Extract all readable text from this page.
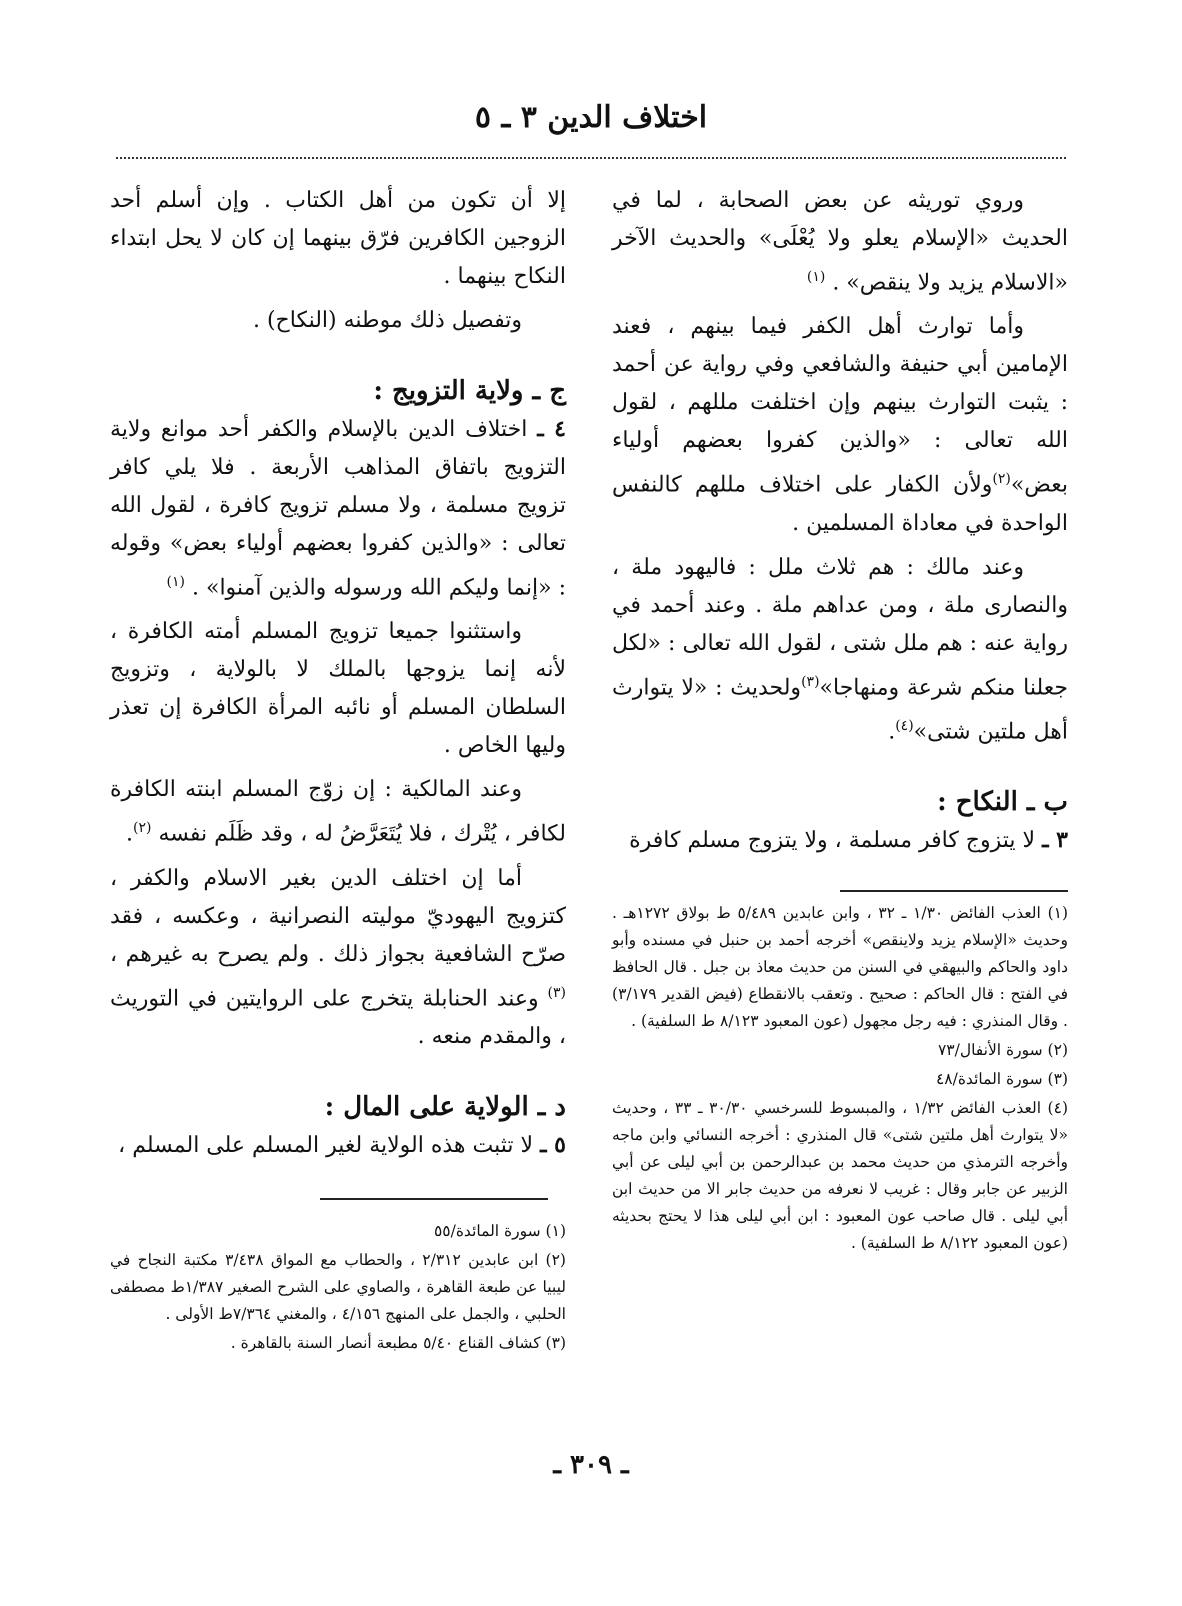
اختلاف الدين ٣ ـ ٥

وروي توريثه عن بعض الصحابة ، لما في الحديث «الإسلام يعلو ولا يُعْلَى» والحديث الآخر «الاسلام يزيد ولا ينقص» . $^{(١)}$

وأما توارث أهل الكفر فيما بينهم ، فعند الإمامين أبي حنيفة والشافعي وفي رواية عن أحمد : يثبت التوارث بينهم وإن اختلفت مللهم ، لقول الله تعالى : «والذين كفروا بعضهم أولياء بعض»$^{(٢)}$ولأن الكفار على اختلاف مللهم كالنفس الواحدة في معاداة المسلمين .

وعند مالك : هم ثلاث ملل : فاليهود ملة ، والنصارى ملة ، ومن عداهم ملة . وعند أحمد في رواية عنه : هم ملل شتى ، لقول الله تعالى : «لكل جعلنا منكم شرعة ومنهاجا»$^{(٣)}$ولحديث : «لا يتوارث أهل ملتين شتى»$^{(٤)}$.

ب ـ النكاح :

٣ ـ لا يتزوج كافر مسلمة ، ولا يتزوج مسلم كافرة

إلا أن تكون من أهل الكتاب . وإن أسلم أحد الزوجين الكافرين فرّق بينهما إن كان لا يحل ابتداء النكاح بينهما .

وتفصيل ذلك موطنه (النكاح) .

ج ـ ولاية التزويج :

٤ ـ اختلاف الدين بالإسلام والكفر أحد موانع ولاية التزويج باتفاق المذاهب الأربعة . فلا يلي كافر تزويج مسلمة ، ولا مسلم تزويج كافرة ، لقول الله تعالى : «والذين كفروا بعضهم أولياء بعض» وقوله : «إنما وليكم الله ورسوله والذين آمنوا» . $^{(١)}$

واستثنوا جميعا تزويج المسلم أمته الكافرة ، لأنه إنما يزوجها بالملك لا بالولاية ، وتزويج السلطان المسلم أو نائبه المرأة الكافرة إن تعذر وليها الخاص .

وعند المالكية : إن زوّج المسلم ابنته الكافرة لكافر ، يُتْرك ، فلا يُتَعَرَّضُ له ، وقد ظَلَم نفسه $^{(٢)}$.

أما إن اختلف الدين بغير الاسلام والكفر ، كتزويج اليهوديّ موليته النصرانية ، وعكسه ، فقد صرّح الشافعية بجواز ذلك . ولم يصرح به غيرهم ،$^{(٣)}$ وعند الحنابلة يتخرج على الروايتين في التوريث ، والمقدم منعه .

د ـ الولاية على المال :

٥ ـ لا تثبت هذه الولاية لغير المسلم على المسلم ،

(١) العذب الفائض ١/٣٠ ـ ٣٢ ، وابن عابدين ٥/٤٨٩ ط بولاق ١٢٧٢هـ . وحديث «الإسلام يزيد ولاينقص» أخرجه أحمد بن حنبل في مسنده وأبو داود والحاكم والبيهقي في السنن من حديث معاذ بن جبل . قال الحافظ في الفتح : قال الحاكم : صحيح . وتعقب بالانقطاع (فيض القدير ٣/١٧٩) . وقال المنذري : فيه رجل مجهول (عون المعبود ٨/١٢٣ ط السلفية) .

(٢) سورة الأنفال/٧٣

(٣) سورة المائدة/٤٨

(٤) العذب الفائض ١/٣٢ ، والمبسوط للسرخسي ٣٠/٣٠ ـ ٣٣ ، وحديث «لا يتوارث أهل ملتين شتى» قال المنذري : أخرجه النسائي وابن ماجه وأخرجه الترمذي من حديث محمد بن عبدالرحمن بن أبي ليلى عن أبي الزبير عن جابر وقال : غريب لا نعرفه من حديث جابر الا من حديث ابن أبي ليلى . قال صاحب عون المعبود : ابن أبي ليلى هذا لا يحتج بحديثه (عون المعبود ٨/١٢٢ ط السلفية) .

(١) سورة المائدة/٥٥

(٢) ابن عابدين ٢/٣١٢ ، والحطاب مع المواق ٣/٤٣٨ مكتبة النجاح في ليبيا عن طبعة القاهرة ، والصاوي على الشرح الصغير ١/٣٨٧ط مصطفى الحلبي ، والجمل على المنهج ٤/١٥٦ ، والمغني ٧/٣٦٤ط الأولى .

(٣) كشاف القناع ٥/٤٠ مطبعة أنصار السنة بالقاهرة .

ـ ٣٠٩ ـ
